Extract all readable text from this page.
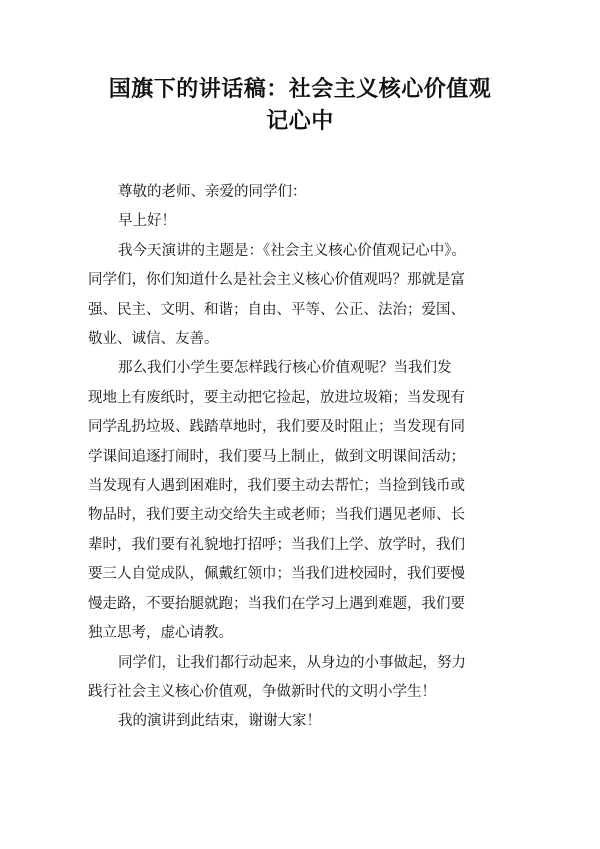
国旗下的讲话稿：社会主义核心价值观
记心中

尊敬的老师、亲爱的同学们：

早上好！

我今天演讲的主题是：《社会主义核心价值观记心中》。
同学们，你们知道什么是社会主义核心价值观吗？那就是富
强、民主、文明、和谐；自由、平等、公正、法治；爱国、
敬业、诚信、友善。

那么我们小学生要怎样践行核心价值观呢？当我们发
现地上有废纸时，要主动把它捡起，放进垃圾箱；当发现有
同学乱扔垃圾、践踏草地时，我们要及时阻止；当发现有同
学课间追逐打闹时，我们要马上制止，做到文明课间活动；
当发现有人遇到困难时，我们要主动去帮忙；当捡到钱币或
物品时，我们要主动交给失主或老师；当我们遇见老师、长
辈时，我们要有礼貌地打招呼；当我们上学、放学时，我们
要三人自觉成队，佩戴红领巾；当我们进校园时，我们要慢
慢走路，不要抬腿就跑；当我们在学习上遇到难题，我们要
独立思考，虚心请教。

同学们，让我们都行动起来，从身边的小事做起，努力
践行社会主义核心价值观，争做新时代的文明小学生！

我的演讲到此结束，谢谢大家！
